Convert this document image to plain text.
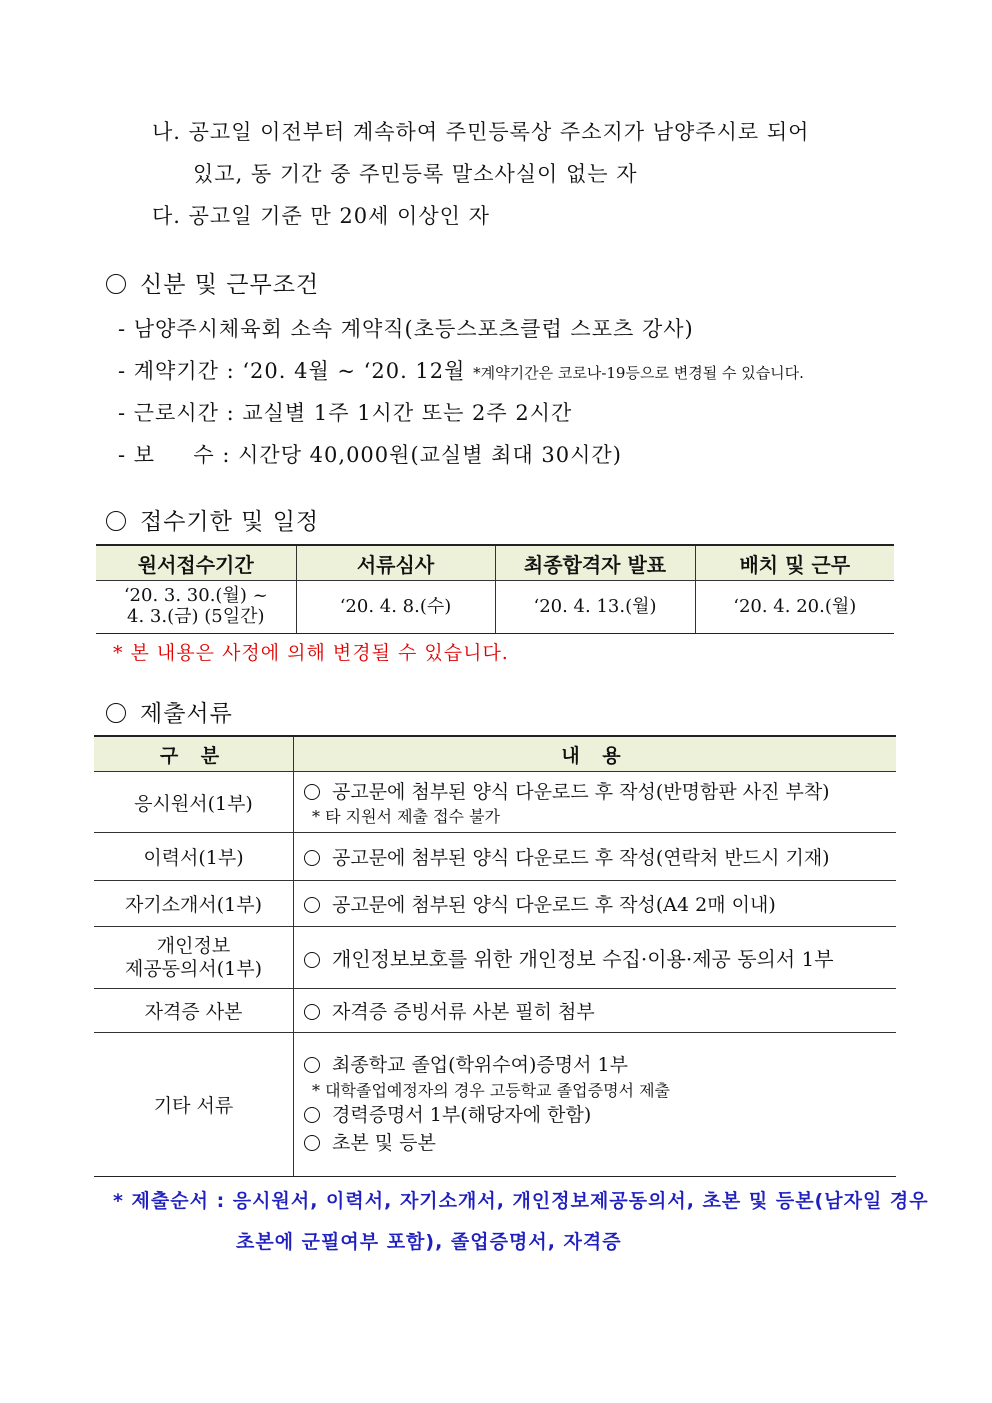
나. 공고일 이전부터 계속하여 주민등록상 주소지가 남양주시로 되어
있고, 동 기간 중 주민등록 말소사실이 없는 자
다. 공고일 기준 만 20세 이상인 자
신분 및 근무조건
- 남양주시체육회 소속 계약직(초등스포츠클럽 스포츠 강사)
- 계약기간 : ‘20. 4월 ~ ‘20. 12월 *계약기간은 코로나-19등으로 변경될 수 있습니다.
- 근로시간 : 교실별 1주 1시간 또는 2주 2시간
- 보     수 : 시간당 40,000원(교실별 최대 30시간)
접수기한 및 일정
원서접수기간	서류심사	최종합격자 발표	배치 및 근무

‘20. 3. 30.(월) ~
4. 3.(금) (5일간)	‘20. 4. 8.(수)	‘20. 4. 13.(월)	‘20. 4. 20.(월)
* 본 내용은 사정에 의해 변경될 수 있습니다.
제출서류
구 분	내 용
응시원서(1부)	공고문에 첨부된 양식 다운로드 후 작성(반명함판 사진 부착)
* 타 지원서 제출 접수 불가

이력서(1부)	공고문에 첨부된 양식 다운로드 후 작성(연락처 반드시 기재)
자기소개서(1부)	공고문에 첨부된 양식 다운로드 후 작성(A4 2매 이내)

개인정보
제공동의서(1부)	개인정보보호를 위한 개인정보 수집·이용·제공 동의서 1부
자격증 사본	자격증 증빙서류 사본 필히 첨부
기타 서류	최종학교 졸업(학위수여)증명서 1부
* 대학졸업예정자의 경우 고등학교 졸업증명서 제출
경력증명서 1부(해당자에 한함)
초본 및 등본
* 제출순서 : 응시원서, 이력서, 자기소개서, 개인정보제공동의서, 초본 및 등본(남자일 경우
초본에 군필여부 포함), 졸업증명서, 자격증
